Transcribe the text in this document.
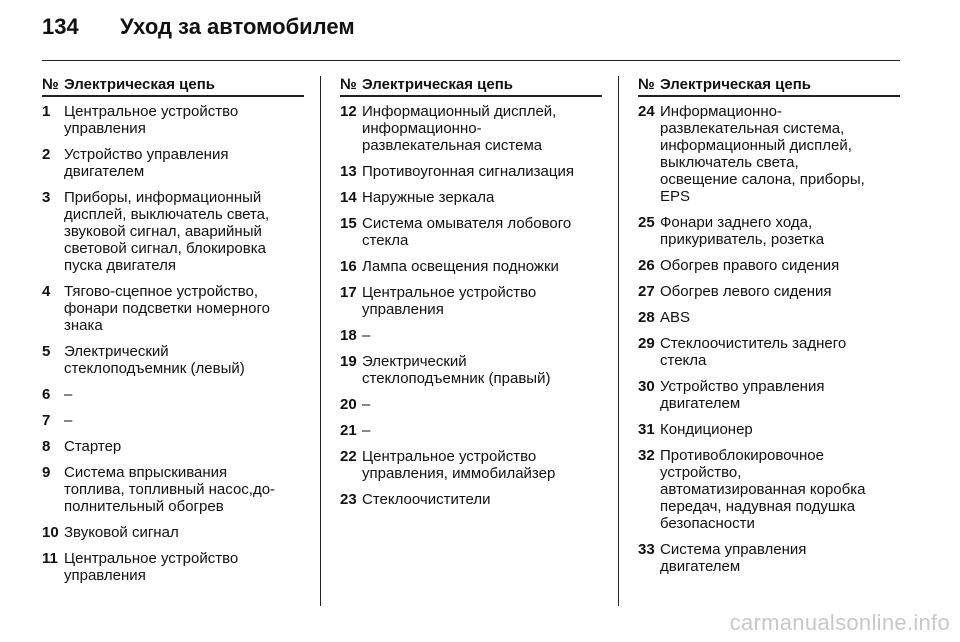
134	Уход за автомобилем
№ Электрическая цепь
1 Центральное устройство
управления
2 Устройство управления
двигателем
3 Приборы, информационный
дисплей, выключатель света,
звуковой сигнал, аварийный
световой сигнал, блокировка
пуска двигателя
4 Тягово-сцепное устройство,
фонари подсветки номерного
знака
5 Электрический
стеклоподъемник (левый)
6 –
7 –
8 Стартер
9 Система впрыскивания
топлива, топливный насос,до-
полнительный обогрев
10 Звуковой сигнал
11 Центральное устройство
управления
№ Электрическая цепь
12 Информационный дисплей,
информационно-
развлекательная система
13 Противоугонная сигнализация
14 Наружные зеркала
15 Система омывателя лобового
стекла
16 Лампа освещения подножки
17 Центральное устройство
управления
18 –
19 Электрический
стеклоподъемник (правый)
20 –
21 –
22 Центральное устройство
управления, иммобилайзер
23 Стеклоочистители
№ Электрическая цепь
24 Информационно-
развлекательная система,
информационный дисплей,
выключатель света,
освещение салона, приборы,
EPS
25 Фонари заднего хода,
прикуриватель, розетка
26 Обогрев правого сидения
27 Обогрев левого сидения
28 ABS
29 Стеклоочиститель заднего
стекла
30 Устройство управления
двигателем
31 Кондиционер
32 Противоблокировочное
устройство,
автоматизированная коробка
передач, надувная подушка
безопасности
33 Система управления
двигателем
carmanualsonline.info
